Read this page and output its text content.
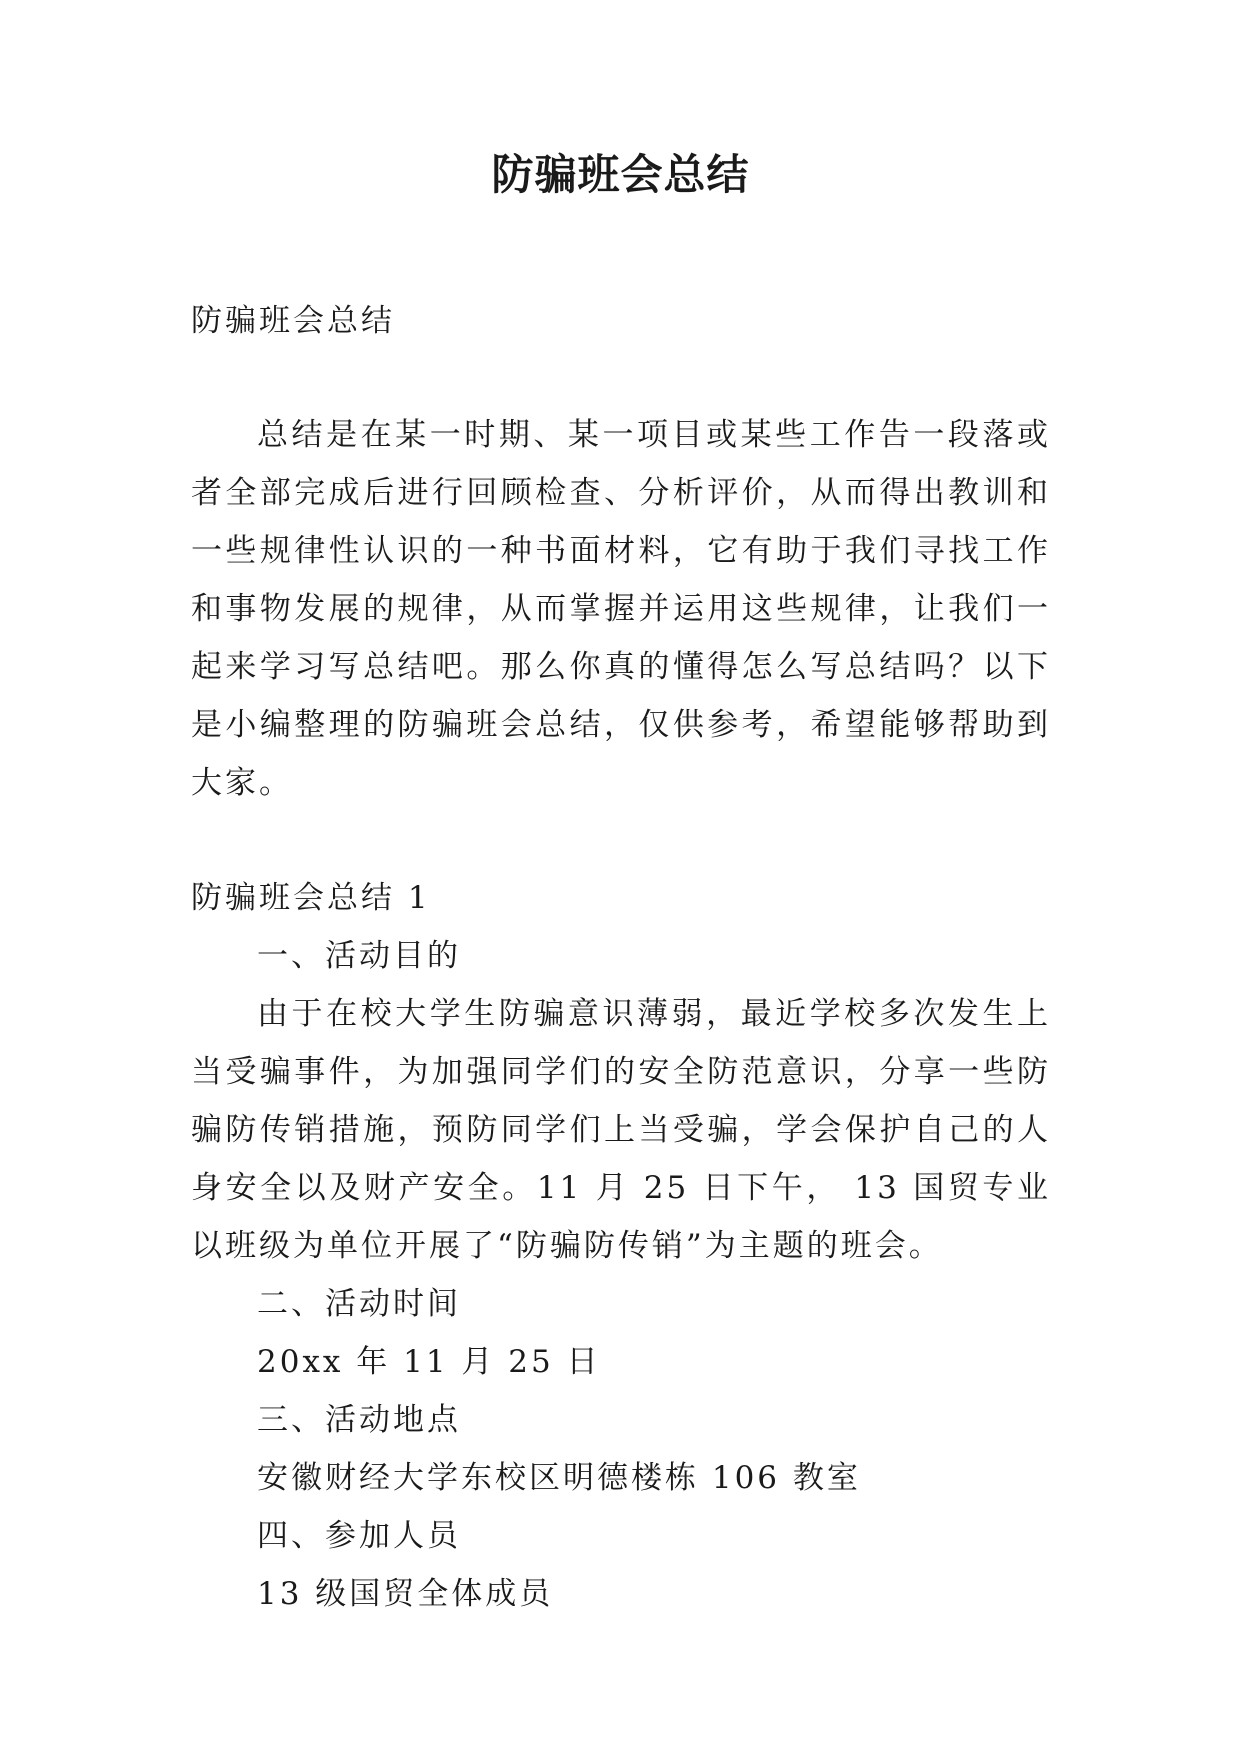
防骗班会总结

防骗班会总结

总结是在某一时期、某一项目或某些工作告一段落或者全部完成后进行回顾检查、分析评价，从而得出教训和一些规律性认识的一种书面材料，它有助于我们寻找工作和事物发展的规律，从而掌握并运用这些规律，让我们一起来学习写总结吧。那么你真的懂得怎么写总结吗？以下是小编整理的防骗班会总结，仅供参考，希望能够帮助到大家。

防骗班会总结 1

一、活动目的

由于在校大学生防骗意识薄弱，最近学校多次发生上当受骗事件，为加强同学们的安全防范意识，分享一些防骗防传销措施，预防同学们上当受骗，学会保护自己的人身安全以及财产安全。11 月 25 日下午， 13 国贸专业以班级为单位开展了“防骗防传销”为主题的班会。

二、活动时间

20xx 年 11 月 25 日

三、活动地点

安徽财经大学东校区明德楼栋 106 教室

四、参加人员

13 级国贸全体成员
